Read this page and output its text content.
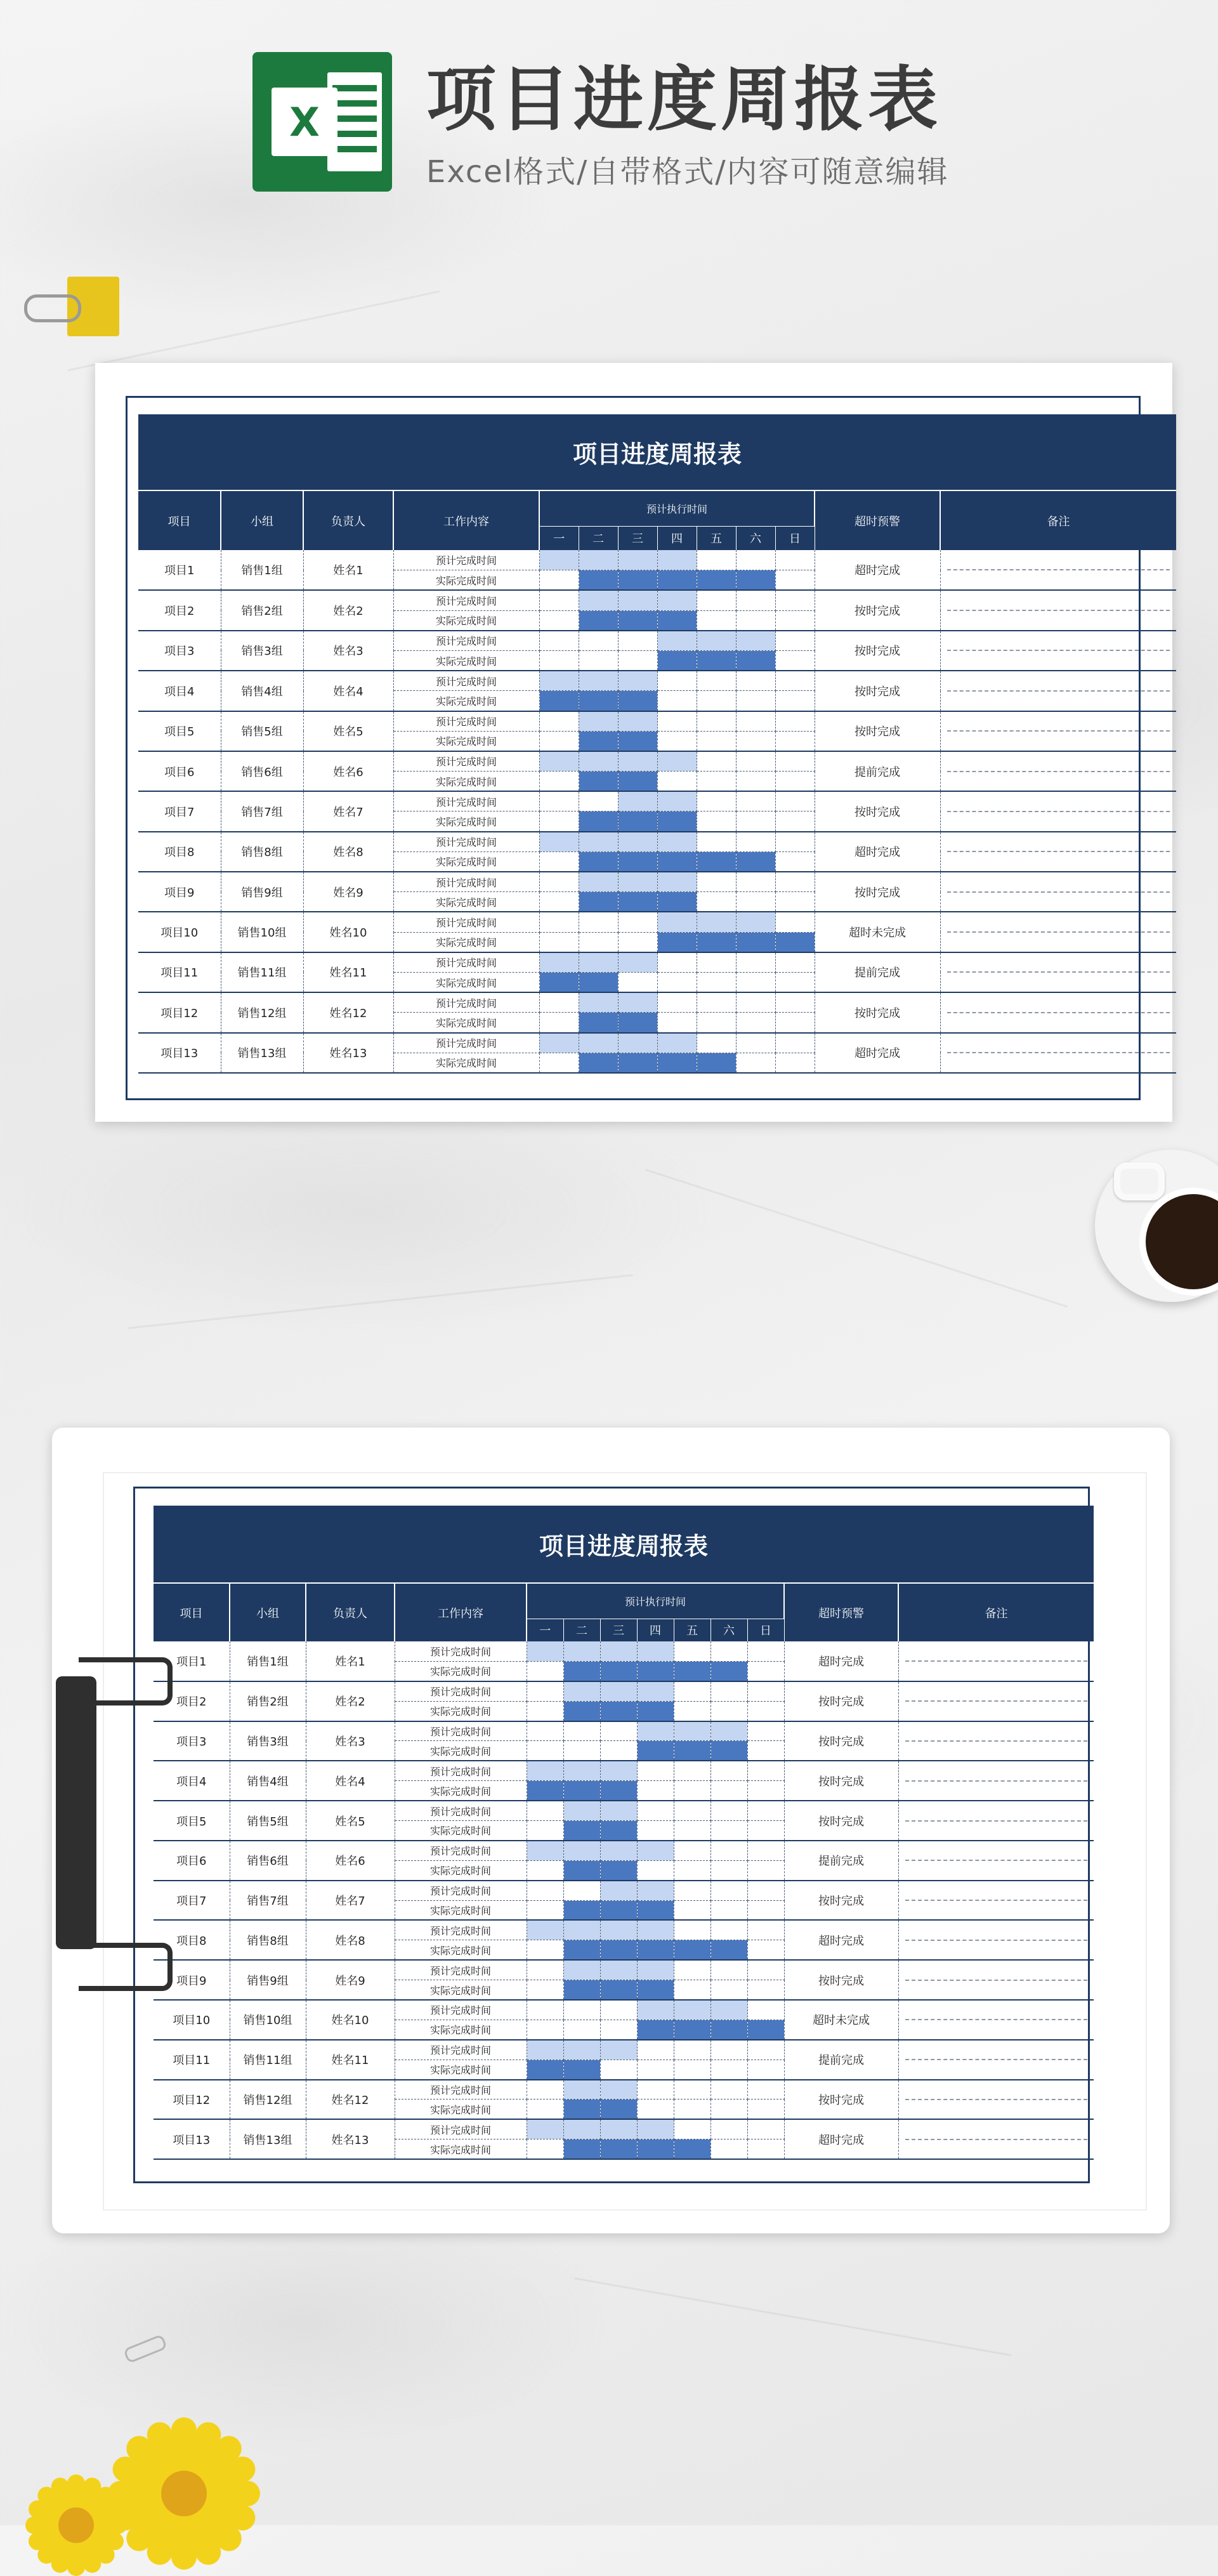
X 项目进度周报表
Excel格式/自带格式/内容可随意编辑
项目进度周报表												
项目	小组	负责人	工作内容	预计执行时间							超时预警	备注
				一	二	三	四	五	六	日		
项目1	销售1组	姓名1	预计完成时间								超时完成	

			实际完成时间									
项目2	销售2组	姓名2	预计完成时间								按时完成	

			实际完成时间									
项目3	销售3组	姓名3	预计完成时间								按时完成	

			实际完成时间									
项目4	销售4组	姓名4	预计完成时间								按时完成	

			实际完成时间									
项目5	销售5组	姓名5	预计完成时间								按时完成	

			实际完成时间									
项目6	销售6组	姓名6	预计完成时间								提前完成	

			实际完成时间									
项目7	销售7组	姓名7	预计完成时间								按时完成	

			实际完成时间									
项目8	销售8组	姓名8	预计完成时间								超时完成	

			实际完成时间									
项目9	销售9组	姓名9	预计完成时间								按时完成	

			实际完成时间									
项目10	销售10组	姓名10	预计完成时间								超时未完成	

			实际完成时间									
项目11	销售11组	姓名11	预计完成时间								提前完成	

			实际完成时间									
项目12	销售12组	姓名12	预计完成时间								按时完成	

			实际完成时间									
项目13	销售13组	姓名13	预计完成时间								超时完成	

			实际完成时间									
项目进度周报表												
项目	小组	负责人	工作内容	预计执行时间							超时预警	备注
				一	二	三	四	五	六	日		
项目1	销售1组	姓名1	预计完成时间								超时完成	

			实际完成时间									
项目2	销售2组	姓名2	预计完成时间								按时完成	

			实际完成时间									
项目3	销售3组	姓名3	预计完成时间								按时完成	

			实际完成时间									
项目4	销售4组	姓名4	预计完成时间								按时完成	

			实际完成时间									
项目5	销售5组	姓名5	预计完成时间								按时完成	

			实际完成时间									
项目6	销售6组	姓名6	预计完成时间								提前完成	

			实际完成时间									
项目7	销售7组	姓名7	预计完成时间								按时完成	

			实际完成时间									
项目8	销售8组	姓名8	预计完成时间								超时完成	

			实际完成时间									
项目9	销售9组	姓名9	预计完成时间								按时完成	

			实际完成时间									
项目10	销售10组	姓名10	预计完成时间								超时未完成	

			实际完成时间									
项目11	销售11组	姓名11	预计完成时间								提前完成	

			实际完成时间									
项目12	销售12组	姓名12	预计完成时间								按时完成	

			实际完成时间									
项目13	销售13组	姓名13	预计完成时间								超时完成	

			实际完成时间									
